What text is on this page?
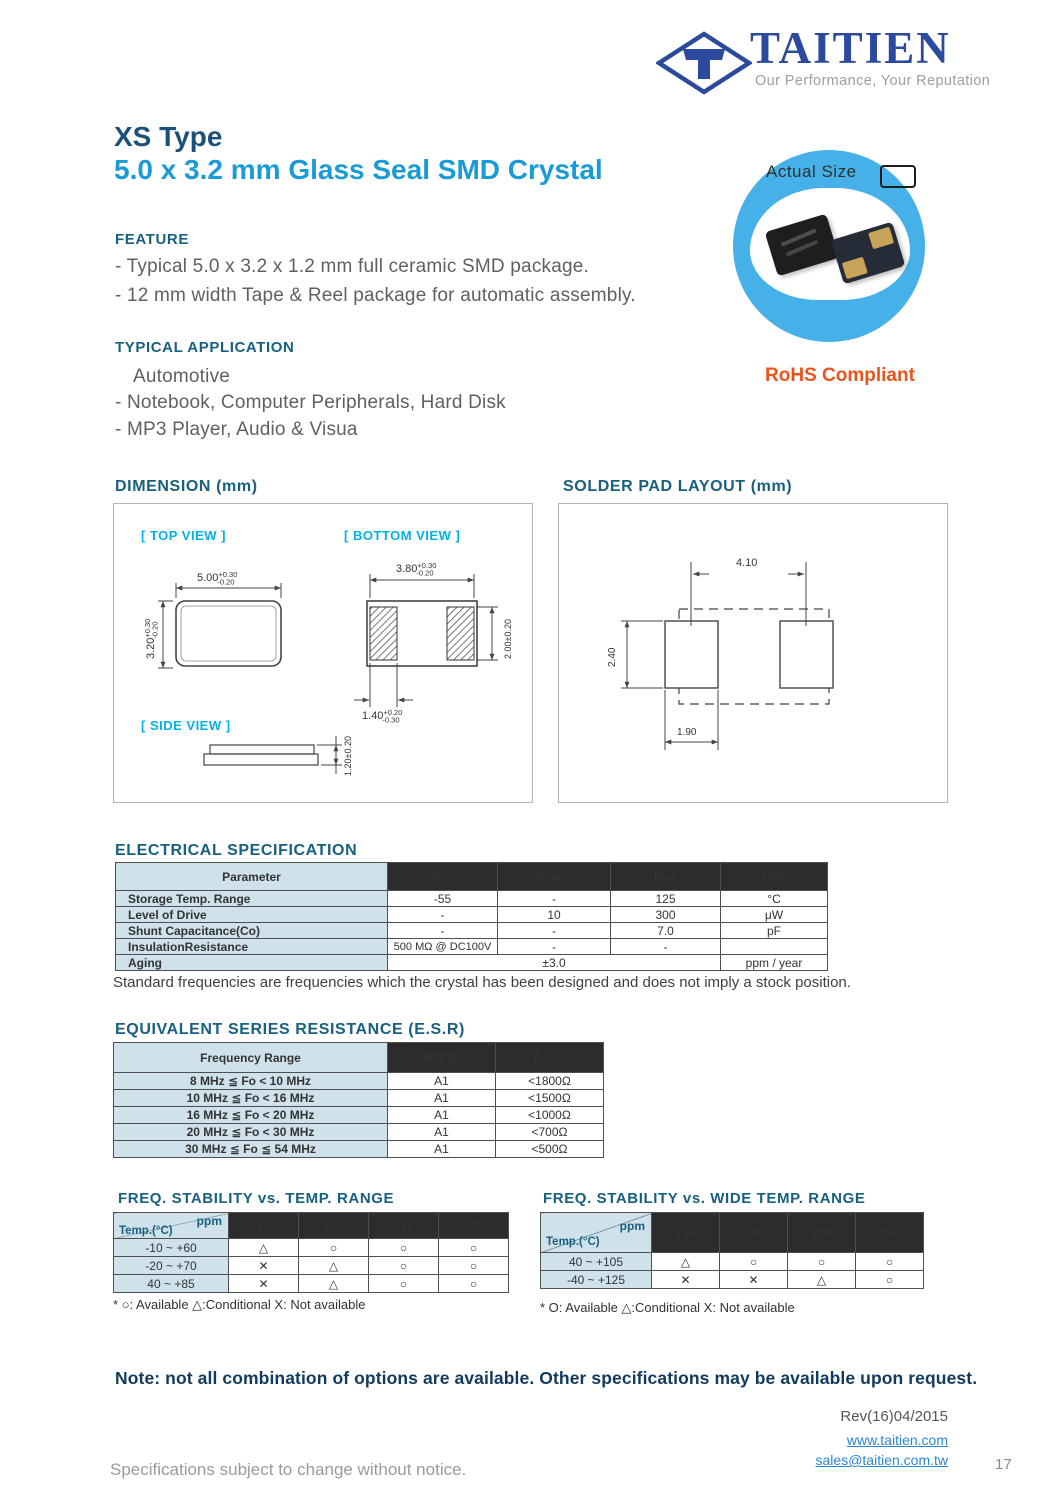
TAITIEN
Our Performance, Your Reputation
XS Type
5.0 x 3.2 mm Glass Seal SMD Crystal
FEATURE
- Typical 5.0 x 3.2 x 1.2 mm full ceramic SMD package.
- 12 mm width Tape & Reel package for automatic assembly.
TYPICAL APPLICATION
Automotive
- Notebook, Computer Peripherals, Hard Disk
- MP3 Player, Audio & Visua
Actual Size
RoHS Compliant
DIMENSION (mm)
[ TOP VIEW ]
$5.00^{+0.30}$ -0.20
$3.20^{+0.30}-0.20$
[ BOTTOM VIEW ]
$3.80^{+0.30}$ -0.20
2.00±0.20
$1.40^{+0.20}$ -0.30
[ SIDE VIEW ]
1.20±0.20
SOLDER PAD LAYOUT (mm)
4.10
2.40
1.90
ELECTRICAL SPECIFICATION
Parameter	Min.	Typical	Max	Unit
Storage Temp. Range	-55	-	125	°C
Level of Drive	-	10	300	μW
Shunt Capacitance(Co)	-	-	7.0	pF
InsulationResistance	500 MΩ @ DC100V	-	-	
Aging	±3.0			ppm / year
Standard frequencies are frequencies which the crystal has been designed and does not imply a stock position.
EQUIVALENT SERIES RESISTANCE (E.S.R)
Frequency Range	MODE	E.S.R
8 MHz ≦ Fo < 10 MHz	A1	<1800Ω
10 MHz ≦ Fo < 16 MHz	A1	<1500Ω
16 MHz ≦ Fo < 20 MHz	A1	<1000Ω
20 MHz ≦ Fo < 30 MHz	A1	<700Ω
30 MHz ≦ Fo ≦ 54 MHz	A1	<500Ω
FREQ. STABILITY vs. TEMP. RANGE
ppm
Temp.(°C)	±5	±10	±15	±20
-10 ~ +60	△	○	○	○
-20 ~ +70	✕	△	○	○
40 ~ +85	✕	△	○	○
* ○: Available △:Conditional X: Not available
FREQ. STABILITY vs. WIDE TEMP. RANGE
ppm
Temp.(°C)	±15	±20	±30	±50
40 ~ +105	△	○	○	○
-40 ~ +125	✕	✕	△	○
* O: Available △:Conditional X: Not available
Note: not all combination of options are available. Other specifications may be available upon request.
Specifications subject to change without notice.
Rev(16)04/2015
www.taitien.com
sales@taitien.com.tw	17
